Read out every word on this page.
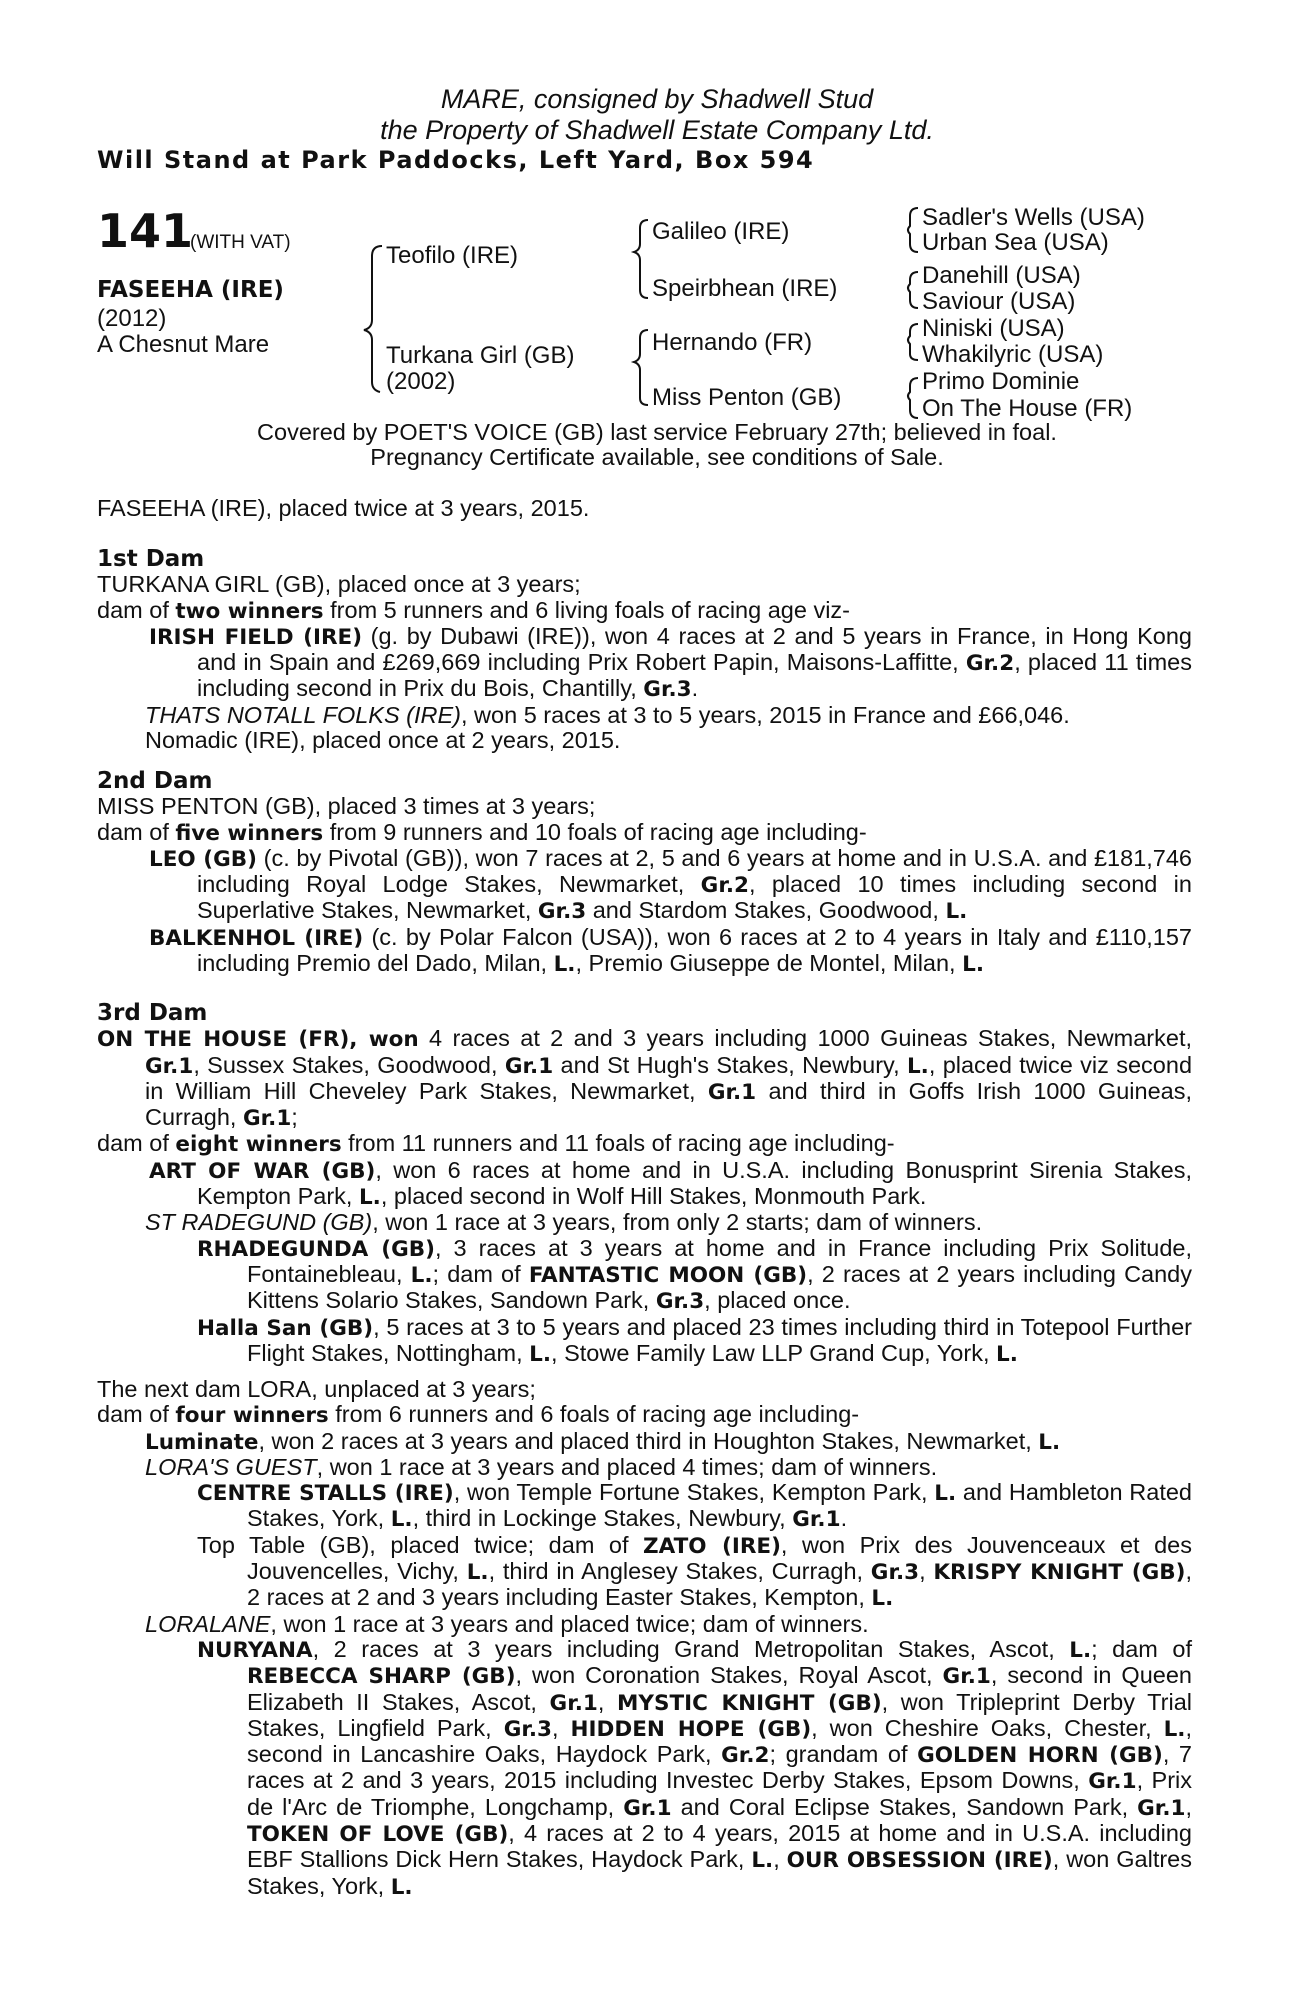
MARE, consigned by Shadwell Stud
the Property of Shadwell Estate Company Ltd.
Will Stand at Park Paddocks, Left Yard, Box 594
141
(WITH VAT)
FASEEHA (IRE)
(2012)
A Chesnut Mare
Teofilo (IRE)
Turkana Girl (GB)
(2002)
Galileo (IRE)
Speirbhean (IRE)
Hernando (FR)
Miss Penton (GB)
Sadler's Wells (USA)
Urban Sea (USA)
Danehill (USA)
Saviour (USA)
Niniski (USA)
Whakilyric (USA)
Primo Dominie
On The House (FR)
Covered by POET'S VOICE (GB) last service February 27th; believed in foal.
Pregnancy Certificate available, see conditions of Sale.

FASEEHA (IRE), placed twice at 3 years, 2015.

1st Dam

TURKANA GIRL (GB), placed once at 3 years;

dam of two winners from 5 runners and 6 living foals of racing age viz-

IRISH FIELD (IRE) (g. by Dubawi (IRE)), won 4 races at 2 and 5 years in France, in Hong Kong and in Spain and £269,669 including Prix Robert Papin, Maisons-Laffitte, Gr.2, placed 11 times including second in Prix du Bois, Chantilly, Gr.3.

THATS NOTALL FOLKS (IRE), won 5 races at 3 to 5 years, 2015 in France and £66,046.

Nomadic (IRE), placed once at 2 years, 2015.

2nd Dam

MISS PENTON (GB), placed 3 times at 3 years;

dam of five winners from 9 runners and 10 foals of racing age including-

LEO (GB) (c. by Pivotal (GB)), won 7 races at 2, 5 and 6 years at home and in U.S.A. and £181,746 including Royal Lodge Stakes, Newmarket, Gr.2, placed 10 times including second in Superlative Stakes, Newmarket, Gr.3 and Stardom Stakes, Goodwood, L.

BALKENHOL (IRE) (c. by Polar Falcon (USA)), won 6 races at 2 to 4 years in Italy and £110,157 including Premio del Dado, Milan, L., Premio Giuseppe de Montel, Milan, L.

3rd Dam

ON THE HOUSE (FR), won 4 races at 2 and 3 years including 1000 Guineas Stakes, Newmarket, Gr.1, Sussex Stakes, Goodwood, Gr.1 and St Hugh's Stakes, Newbury, L., placed twice viz second in William Hill Cheveley Park Stakes, Newmarket, Gr.1 and third in Goffs Irish 1000 Guineas, Curragh, Gr.1;

dam of eight winners from 11 runners and 11 foals of racing age including-

ART OF WAR (GB), won 6 races at home and in U.S.A. including Bonusprint Sirenia Stakes, Kempton Park, L., placed second in Wolf Hill Stakes, Monmouth Park.

ST RADEGUND (GB), won 1 race at 3 years, from only 2 starts; dam of winners.

RHADEGUNDA (GB), 3 races at 3 years at home and in France including Prix Solitude, Fontainebleau, L.; dam of FANTASTIC MOON (GB), 2 races at 2 years including Candy Kittens Solario Stakes, Sandown Park, Gr.3, placed once.

Halla San (GB), 5 races at 3 to 5 years and placed 23 times including third in Totepool Further Flight Stakes, Nottingham, L., Stowe Family Law LLP Grand Cup, York, L.

The next dam LORA, unplaced at 3 years;

dam of four winners from 6 runners and 6 foals of racing age including-

Luminate, won 2 races at 3 years and placed third in Houghton Stakes, Newmarket, L.

LORA'S GUEST, won 1 race at 3 years and placed 4 times; dam of winners.

CENTRE STALLS (IRE), won Temple Fortune Stakes, Kempton Park, L. and Hambleton Rated Stakes, York, L., third in Lockinge Stakes, Newbury, Gr.1.

Top Table (GB), placed twice; dam of ZATO (IRE), won Prix des Jouvenceaux et des Jouvencelles, Vichy, L., third in Anglesey Stakes, Curragh, Gr.3, KRISPY KNIGHT (GB), 2 races at 2 and 3 years including Easter Stakes, Kempton, L.

LORALANE, won 1 race at 3 years and placed twice; dam of winners.

NURYANA, 2 races at 3 years including Grand Metropolitan Stakes, Ascot, L.; dam of REBECCA SHARP (GB), won Coronation Stakes, Royal Ascot, Gr.1, second in Queen Elizabeth II Stakes, Ascot, Gr.1, MYSTIC KNIGHT (GB), won Tripleprint Derby Trial Stakes, Lingfield Park, Gr.3, HIDDEN HOPE (GB), won Cheshire Oaks, Chester, L., second in Lancashire Oaks, Haydock Park, Gr.2; grandam of GOLDEN HORN (GB), 7 races at 2 and 3 years, 2015 including Investec Derby Stakes, Epsom Downs, Gr.1, Prix de l'Arc de Triomphe, Longchamp, Gr.1 and Coral Eclipse Stakes, Sandown Park, Gr.1, TOKEN OF LOVE (GB), 4 races at 2 to 4 years, 2015 at home and in U.S.A. including EBF Stallions Dick Hern Stakes, Haydock Park, L., OUR OBSESSION (IRE), won Galtres Stakes, York, L.
